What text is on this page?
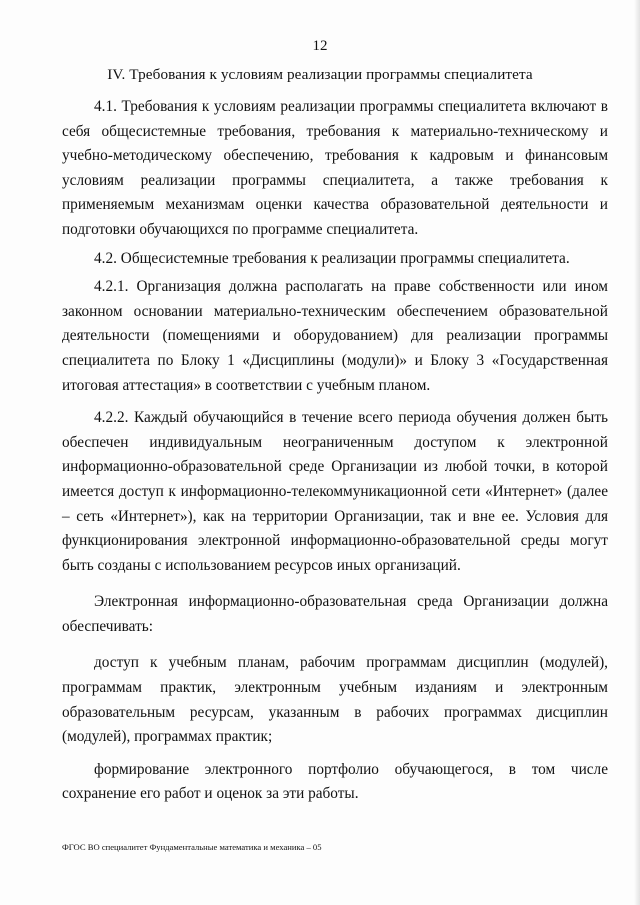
12
IV. Требования к условиям реализации программы специалитета

4.1. Требования к условиям реализации программы специалитета включают в себя общесистемные требования, требования к материально-техническому и учебно-методическому обеспечению, требования к кадровым и финансовым условиям реализации программы специалитета, а также требования к применяемым механизмам оценки качества образовательной деятельности и подготовки обучающихся по программе специалитета.

4.2. Общесистемные требования к реализации программы специалитета.

4.2.1. Организация должна располагать на праве собственности или ином законном основании материально-техническим обеспечением образовательной деятельности (помещениями и оборудованием) для реализации программы специалитета по Блоку 1 «Дисциплины (модули)» и Блоку 3 «Государственная итоговая аттестация» в соответствии с учебным планом.

4.2.2. Каждый обучающийся в течение всего периода обучения должен быть обеспечен индивидуальным неограниченным доступом к электронной информационно-образовательной среде Организации из любой точки, в которой имеется доступ к информационно-телекоммуникационной сети «Интернет» (далее – сеть «Интернет»), как на территории Организации, так и вне ее. Условия для функционирования электронной информационно-образовательной среды могут быть созданы с использованием ресурсов иных организаций.

Электронная информационно-образовательная среда Организации должна обеспечивать:

доступ к учебным планам, рабочим программам дисциплин (модулей), программам практик, электронным учебным изданиям и электронным образовательным ресурсам, указанным в рабочих программах дисциплин (модулей), программах практик;

формирование электронного портфолио обучающегося, в том числе сохранение его работ и оценок за эти работы.

ФГОС ВО специалитет Фундаментальные математика и механика – 05
